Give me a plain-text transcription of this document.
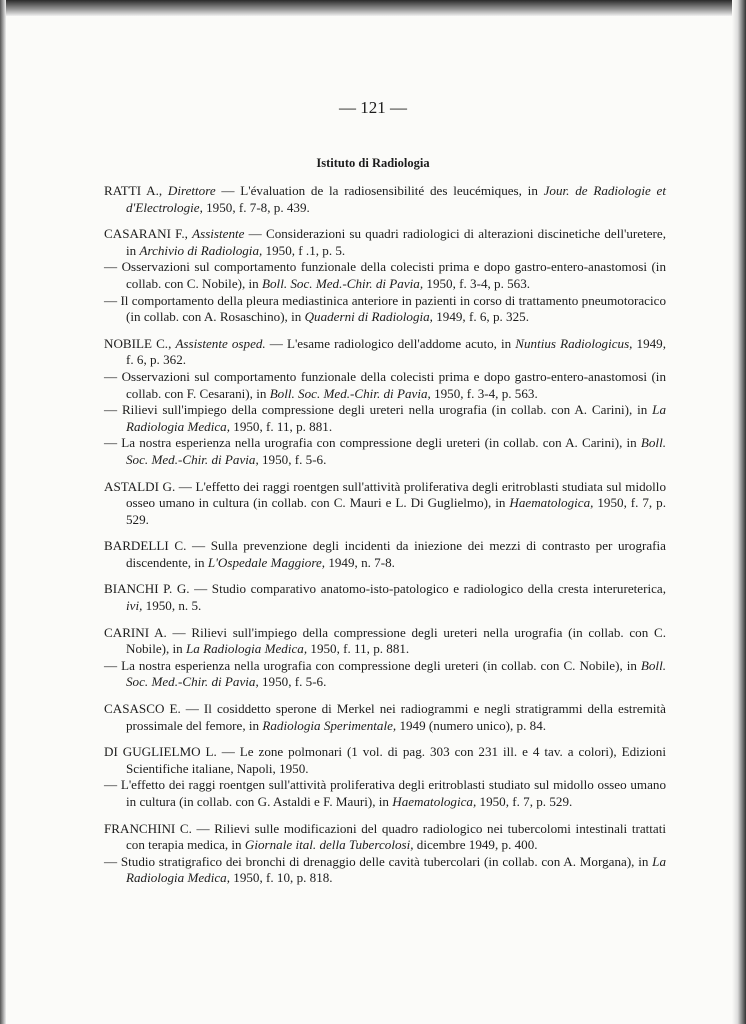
— 121 —
Istituto di Radiologia

RATTI A., Direttore — L'évaluation de la radiosensibilité des leucémiques, in Jour. de Radiologie et d'Electrologie, 1950, f. 7-8, p. 439.

CASARANI F., Assistente — Considerazioni su quadri radiologici di alterazioni discinetiche dell'uretere, in Archivio di Radiologia, 1950, f .1, p. 5.

— Osservazioni sul comportamento funzionale della colecisti prima e dopo gastro-entero-anastomosi (in collab. con C. Nobile), in Boll. Soc. Med.-Chir. di Pavia, 1950, f. 3-4, p. 563.

— Il comportamento della pleura mediastinica anteriore in pazienti in corso di trattamento pneumotoracico (in collab. con A. Rosaschino), in Quaderni di Radiologia, 1949, f. 6, p. 325.

NOBILE C., Assistente osped. — L'esame radiologico dell'addome acuto, in Nuntius Radiologicus, 1949, f. 6, p. 362.

— Osservazioni sul comportamento funzionale della colecisti prima e dopo gastro-entero-anastomosi (in collab. con F. Cesarani), in Boll. Soc. Med.-Chir. di Pavia, 1950, f. 3-4, p. 563.

— Rilievi sull'impiego della compressione degli ureteri nella urografia (in collab. con A. Carini), in La Radiologia Medica, 1950, f. 11, p. 881.

— La nostra esperienza nella urografia con compressione degli ureteri (in collab. con A. Carini), in Boll. Soc. Med.-Chir. di Pavia, 1950, f. 5-6.

ASTALDI G. — L'effetto dei raggi roentgen sull'attività proliferativa degli eritroblasti studiata sul midollo osseo umano in cultura (in collab. con C. Mauri e L. Di Guglielmo), in Haematologica, 1950, f. 7, p. 529.

BARDELLI C. — Sulla prevenzione degli incidenti da iniezione dei mezzi di contrasto per urografia discendente, in L'Ospedale Maggiore, 1949, n. 7-8.

BIANCHI P. G. — Studio comparativo anatomo-isto-patologico e radiologico della cresta interureterica, ivi, 1950, n. 5.

CARINI A. — Rilievi sull'impiego della compressione degli ureteri nella urografia (in collab. con C. Nobile), in La Radiologia Medica, 1950, f. 11, p. 881.

— La nostra esperienza nella urografia con compressione degli ureteri (in collab. con C. Nobile), in Boll. Soc. Med.-Chir. di Pavia, 1950, f. 5-6.

CASASCO E. — Il cosiddetto sperone di Merkel nei radiogrammi e negli stratigrammi della estremità prossimale del femore, in Radiologia Sperimentale, 1949 (numero unico), p. 84.

DI GUGLIELMO L. — Le zone polmonari (1 vol. di pag. 303 con 231 ill. e 4 tav. a colori), Edizioni Scientifiche italiane, Napoli, 1950.

— L'effetto dei raggi roentgen sull'attività proliferativa degli eritroblasti studiato sul midollo osseo umano in cultura (in collab. con G. Astaldi e F. Mauri), in Haematologica, 1950, f. 7, p. 529.

FRANCHINI C. — Rilievi sulle modificazioni del quadro radiologico nei tubercolomi intestinali trattati con terapia medica, in Giornale ital. della Tubercolosi, dicembre 1949, p. 400.

— Studio stratigrafico dei bronchi di drenaggio delle cavità tubercolari (in collab. con A. Morgana), in La Radiologia Medica, 1950, f. 10, p. 818.
